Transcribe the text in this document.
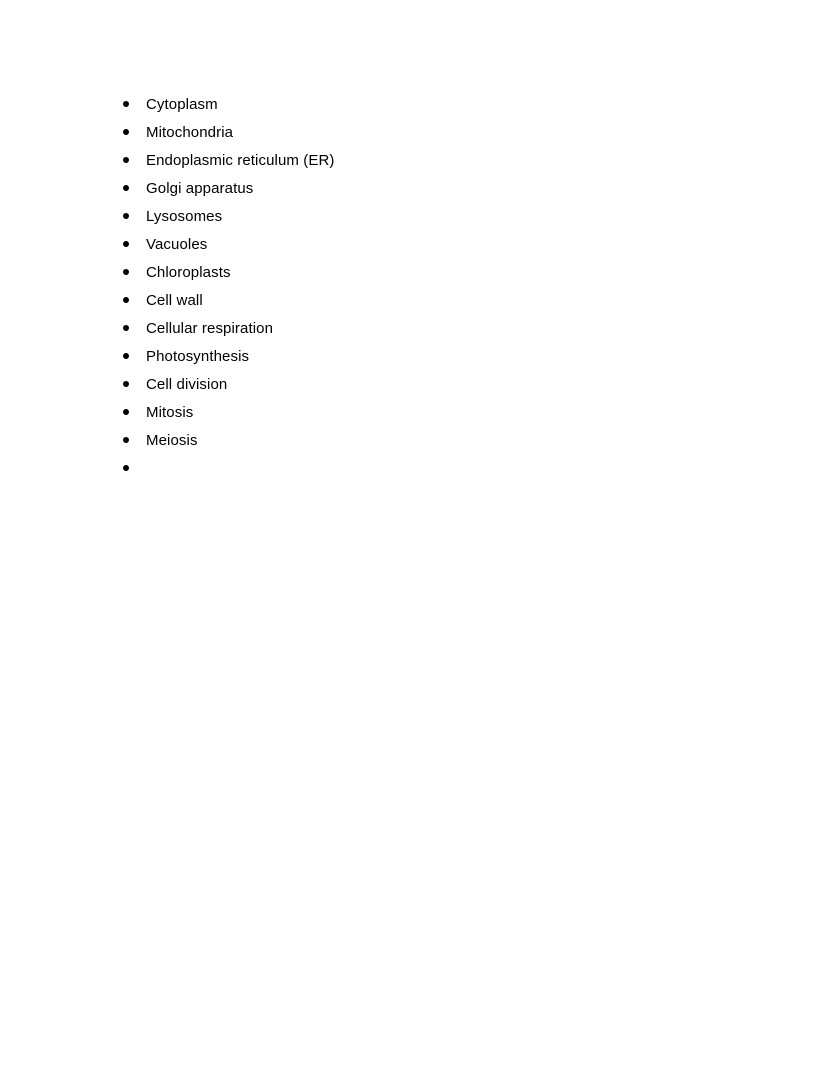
Cytoplasm
Mitochondria
Endoplasmic reticulum (ER)
Golgi apparatus
Lysosomes
Vacuoles
Chloroplasts
Cell wall
Cellular respiration
Photosynthesis
Cell division
Mitosis
Meiosis
